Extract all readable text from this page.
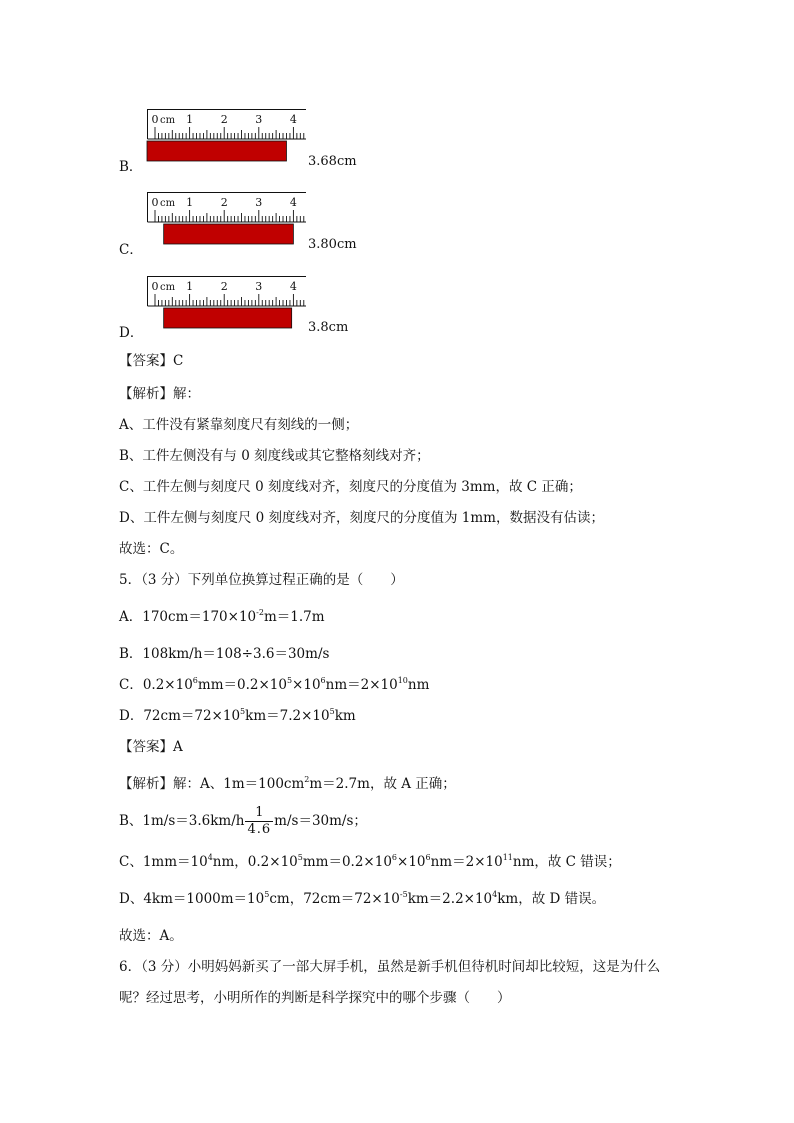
0 cm 1	2	3	4
B．	3.68cm
0 cm 1	2	3	4
C．	3.80cm
0 cm 1	2	3	4
D．	3.8cm
【答案】C
【解析】解：
A、工件没有紧靠刻度尺有刻线的一侧；
B、工件左侧没有与 0 刻度线或其它整格刻线对齐；
C、工件左侧与刻度尺 0 刻度线对齐，刻度尺的分度值为 3mm，故 C 正确；
D、工件左侧与刻度尺 0 刻度线对齐，刻度尺的分度值为 1mm，数据没有估读；
故选：C。
5．（3 分）下列单位换算过程正确的是（　　）
A．$170cm=170\times 10^{-2}m=1.7m$
B．108km/h＝108÷3.6＝30m/s
C．$0.2\times 10^6mm=0.2\times 10^5\times 10^6nm=2\times 10^{10}nm$
D．$72cm=72\times 10^5km=7.2\times 10^5km$
【答案】A
【解析】解：A、$1m=100cm^2m=2.7m$，故 A 正确；
B、$1m/s=3.6km/h \frac{1}{4.6} m/s=30m/s$；
C、$1mm=10^4nm$，$0.2\times 10^5mm=0.2\times 10^6\times 10^6nm=2\times 10^{11}nm$，故 C 错误；
D、$4km=1000m=10^5cm$，$72cm=72\times 10^{-5}km=2.2\times 10^4km$，故 D 错误。
故选：A。
6．（3 分）小明妈妈新买了一部大屏手机，虽然是新手机但待机时间却比较短，这是为什么
呢？经过思考，小明所作的判断是科学探究中的哪个步骤（　　）
